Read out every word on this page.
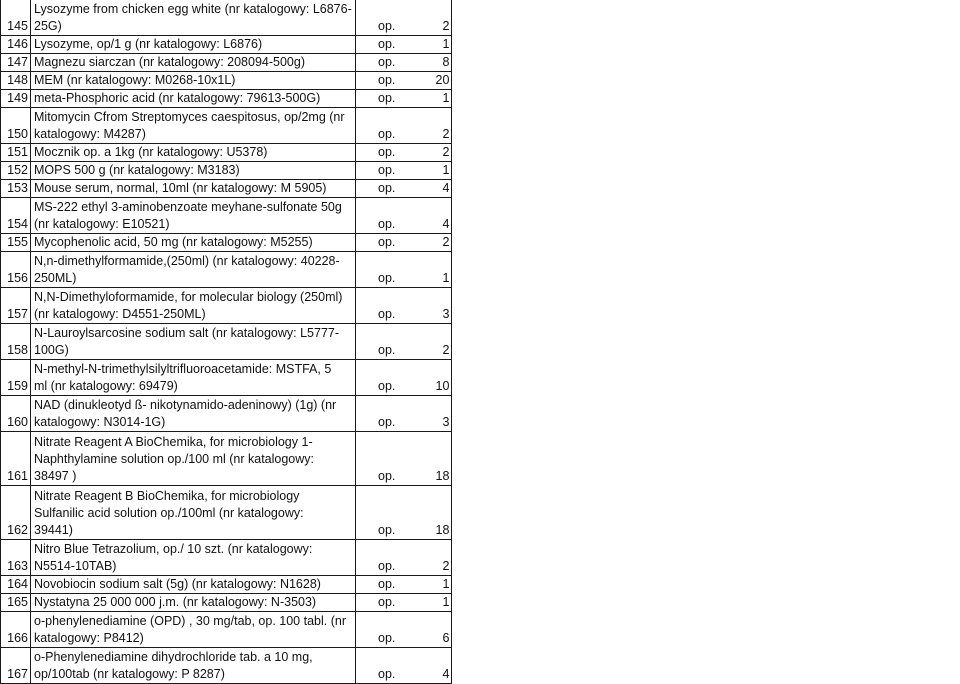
145	Lysozyme from chicken egg white (nr katalogowy: L6876-
25G)	op.	2
146	Lysozyme, op/1 g (nr katalogowy: L6876)	op.	1
147	Magnezu siarczan (nr katalogowy: 208094-500g)	op.	8
148	MEM (nr katalogowy: M0268-10x1L)	op.	20
149	meta-Phosphoric acid (nr katalogowy: 79613-500G)	op.	1
150	Mitomycin Cfrom Streptomyces caespitosus, op/2mg (nr
katalogowy: M4287)	op.	2
151	Mocznik op. a 1kg (nr katalogowy: U5378)	op.	2
152	MOPS 500 g (nr katalogowy: M3183)	op.	1
153	Mouse serum, normal, 10ml (nr katalogowy: M 5905)	op.	4
154	MS-222 ethyl 3-aminobenzoate meyhane-sulfonate 50g
(nr katalogowy: E10521)	op.	4
155	Mycophenolic acid, 50 mg (nr katalogowy: M5255)	op.	2
156	N,n-dimethylformamide,(250ml) (nr katalogowy: 40228-
250ML)	op.	1
157	N,N-Dimethyloformamide, for molecular biology (250ml)
(nr katalogowy: D4551-250ML)	op.	3
158	N-Lauroylsarcosine sodium salt (nr katalogowy: L5777-
100G)	op.	2
159	N-methyl-N-trimethylsilyltrifluoroacetamide: MSTFA, 5
ml (nr katalogowy: 69479)	op.	10
160	NAD (dinukleotyd ß- nikotynamido-adeninowy) (1g) (nr
katalogowy: N3014-1G)	op.	3
161	Nitrate Reagent A BioChemika, for microbiology 1-
Naphthylamine solution op./100 ml (nr katalogowy:
38497 )	op.	18
162	Nitrate Reagent B BioChemika, for microbiology
Sulfanilic acid solution op./100ml (nr katalogowy:
39441)	op.	18
163	Nitro Blue Tetrazolium, op./ 10 szt. (nr katalogowy:
N5514-10TAB)	op.	2
164	Novobiocin sodium salt (5g) (nr katalogowy: N1628)	op.	1
165	Nystatyna 25 000 000 j.m. (nr katalogowy: N-3503)	op.	1
166	o-phenylenediamine (OPD) , 30 mg/tab, op. 100 tabl. (nr
katalogowy: P8412)	op.	6
167	o-Phenylenediamine dihydrochloride tab. a 10 mg,
op/100tab (nr katalogowy: P 8287)	op.	4
